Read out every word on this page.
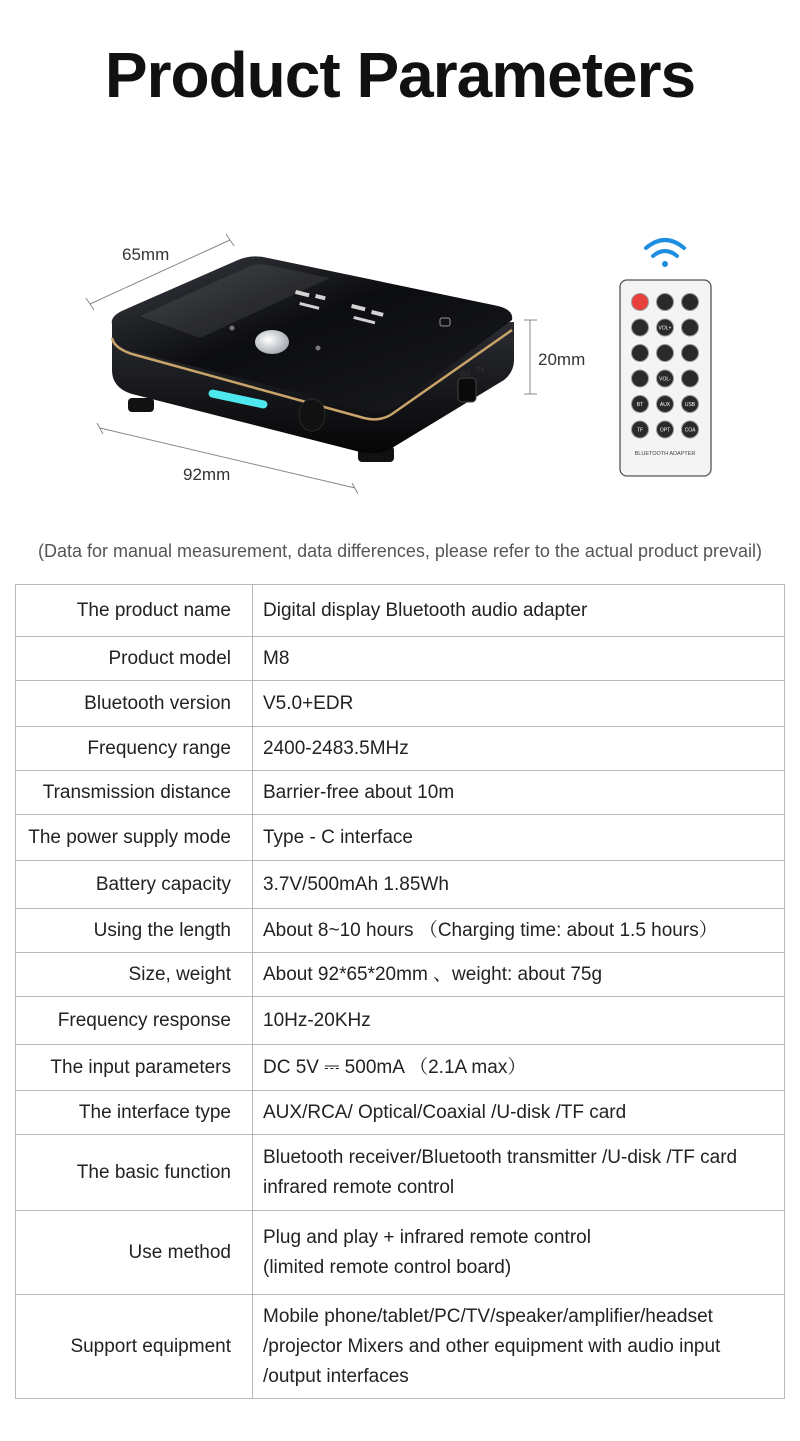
Product Parameters
RX
TX
VOL+
VOL-
BT	AUX	USB
TF	OPT	COA
BLUETOOTH ADAPTER
65mm
20mm
92mm

(Data for manual measurement, data differences, please refer to the actual product prevail)

The product name	Digital display Bluetooth audio adapter
Product model	M8
Bluetooth version	V5.0+EDR
Frequency range	2400-2483.5MHz
Transmission distance	Barrier-free about 10m
The power supply mode	Type - C interface
Battery capacity	3.7V/500mAh 1.85Wh
Using the length	About 8~10 hours （Charging time: about 1.5 hours）
Size, weight	About 92*65*20mm 、weight: about 75g
Frequency response	10Hz-20KHz
The input parameters	DC 5V ⎓ 500mA （2.1A max）
The interface type	AUX/RCA/ Optical/Coaxial /U-disk /TF card
The basic function	Bluetooth receiver/Bluetooth transmitter /U-disk /TF card
infrared remote control

Use method	Plug and play + infrared remote control
(limited remote control board)

Support equipment	Mobile phone/tablet/PC/TV/speaker/amplifier/headset
/projector Mixers and other equipment with audio input
/output interfaces
